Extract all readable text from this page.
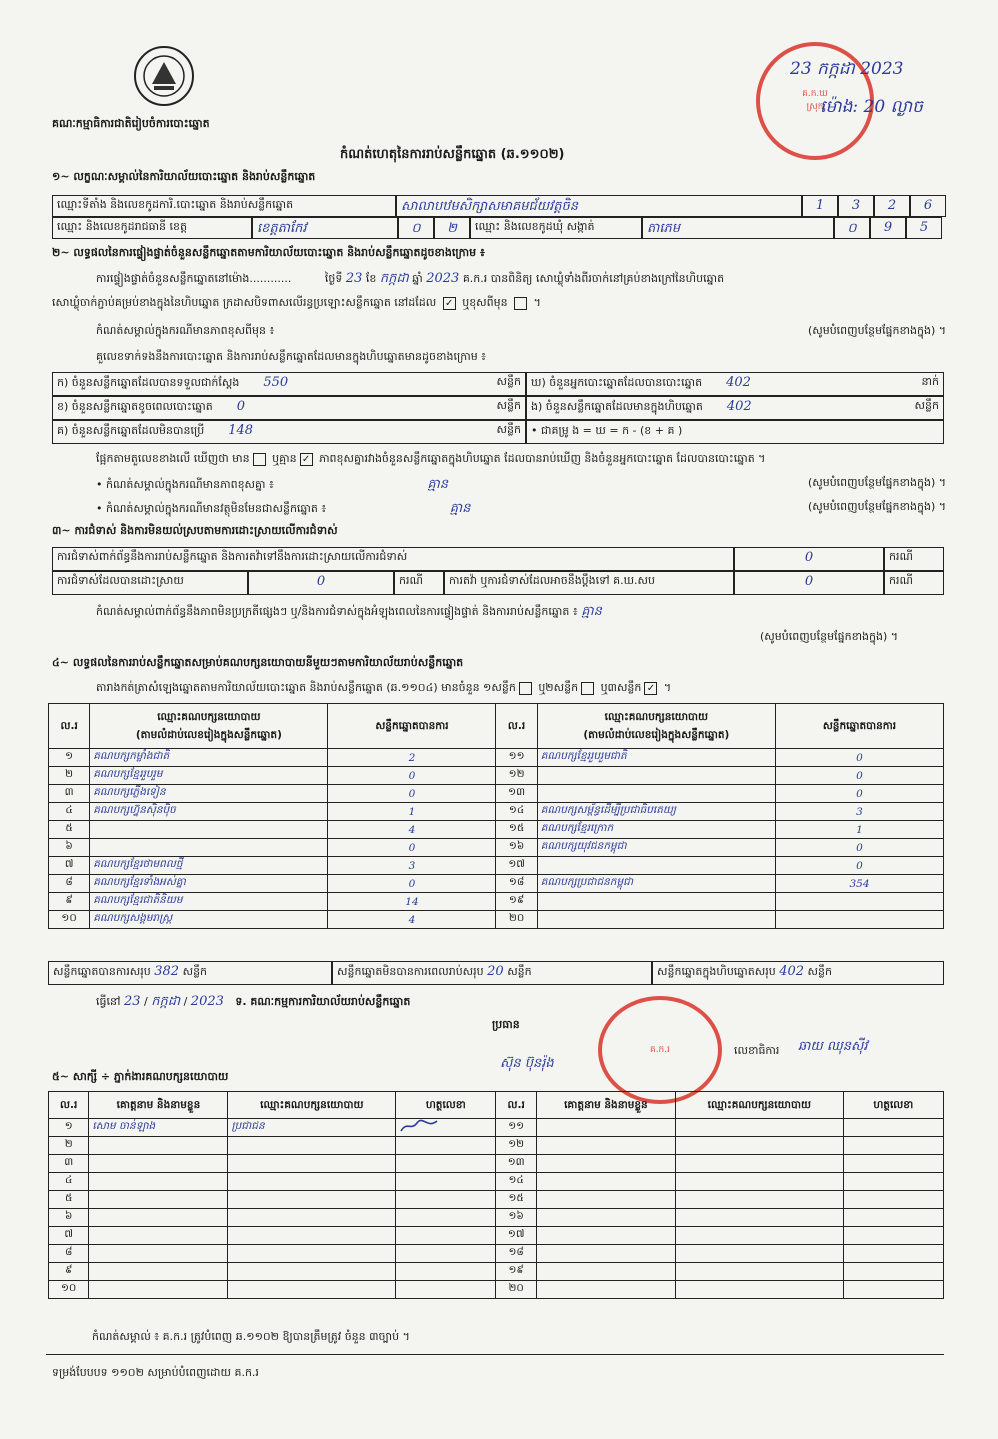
គណៈកម្មាធិការជាតិរៀបចំការបោះឆ្នោត
កំណត់ហេតុនៃការរាប់សន្លឹកឆ្នោត (ឆ.១១០២)
គ.ក.ឃ
ស្រុក
23 កក្កដា 2023
ម៉ោង: 20 ល្ងាច
១~ លក្ខណៈសម្គាល់នៃការិយាល័យបោះឆ្នោត និងរាប់សន្លឹកឆ្នោត
ឈ្មោះទីតាំង និងលេខកូដការិ.បោះឆ្នោត និងរាប់សន្លឹកឆ្នោត	សាលាបឋមសិក្សាសមាគមជ័យវត្តចិន	1	3	2	6
ឈ្មោះ និងលេខកូដរាជធានី ខេត្ត	ខេត្តតាកែវ	០	២	ឈ្មោះ និងលេខកូដឃុំ សង្កាត់	តាភេម	០	9	5
២~ លទ្ធផលនៃការផ្ទៀងផ្ទាត់ចំនួនសន្លឹកឆ្នោតតាមការិយាល័យបោះឆ្នោត និងរាប់សន្លឹកឆ្នោតដូចខាងក្រោម ៖
ការផ្ទៀងផ្ទាត់ចំនួនសន្លឹកឆ្នោតនៅម៉ោង............	ថ្ងៃទី 23 ខែ កក្កដា ឆ្នាំ 2023 គ.ក.រ បានពិនិត្យ សោឃ្លុំទាំងពីរចាក់នៅគ្រប់ខាងក្រៅនៃហិបឆ្នោត
សោឃ្លុំចាក់ភ្ជាប់គម្រប់ខាងក្នុងនៃហិបឆ្នោត ក្រដាសបិទពាសលើរន្ធប្រឡោះសន្លឹកឆ្នោត នៅដដែល ✓ ឬខុសពីមុន  ។
កំណត់សម្គាល់ក្នុងករណីមានភាពខុសពីមុន ៖	(សូមបំពេញបន្ថែមផ្នែកខាងក្នុង) ។
គួលេខទាក់ទងនឹងការបោះឆ្នោត និងការរាប់សន្លឹកឆ្នោតដែលមានក្នុងហិបឆ្នោតមានដូចខាងក្រោម ៖
ក) ចំនួនសន្លឹកឆ្នោតដែលបានទទួលជាក់ស្តែង 550	សន្លឹក
ខ) ចំនួនសន្លឹកឆ្នោតខូចពេលបោះឆ្នោត 0	សន្លឹក
គ) ចំនួនសន្លឹកឆ្នោតដែលមិនបានប្រើ 148	សន្លឹក
ឃ) ចំនួនអ្នកបោះឆ្នោតដែលបានបោះឆ្នោត 402	នាក់
ង) ចំនួនសន្លឹកឆ្នោតដែលមានក្នុងហិបឆ្នោត 402	សន្លឹក
• ជាគម្រូ ង = ឃ = ក - (ខ + គ )
ផ្អែកតាមតួលេខខាងលើ ឃើញថា មាន ឬគ្មាន ✓ ភាពខុសគ្នារវាងចំនួនសន្លឹកឆ្នោតក្នុងហិបឆ្នោត ដែលបានរាប់ឃើញ និងចំនួនអ្នកបោះឆ្នោត ដែលបានបោះឆ្នោត ។
• កំណត់សម្គាល់ក្នុងករណីមានភាពខុសគ្នា ៖	គ្មាន	(សូមបំពេញបន្ថែមផ្នែកខាងក្នុង) ។
• កំណត់សម្គាល់ក្នុងករណីមានវត្ថុមិនមែនជាសន្លឹកឆ្នោត ៖	គ្មាន	(សូមបំពេញបន្ថែមផ្នែកខាងក្នុង) ។
៣~ ការជំទាស់ និងការមិនយល់ស្របតាមការដោះស្រាយលើការជំទាស់
ការជំទាស់ពាក់ព័ន្ធនឹងការរាប់សន្លឹកឆ្នោត និងការតវ៉ាទៅនឹងការដោះស្រាយលើការជំទាស់	0	ករណី
ការជំទាស់ដែលបានដោះស្រាយ	0	ករណី	ការតវ៉ា ឬការជំទាស់ដែលអាចនឹងប្តឹងទៅ គ.ឃ.សប	0	ករណី
កំណត់សម្គាល់ពាក់ព័ន្ធនឹងភាពមិនប្រក្រតីផ្សេងៗ ឬ/និងការជំទាស់ក្នុងអំឡុងពេលនៃការផ្ទៀងផ្ទាត់ និងការរាប់សន្លឹកឆ្នោត ៖ គ្មាន
(សូមបំពេញបន្ថែមផ្នែកខាងក្នុង) ។
៤~ លទ្ធផលនៃការរាប់សន្លឹកឆ្នោតសម្រាប់គណបក្សនយោបាយនីមួយៗតាមការិយាល័យរាប់សន្លឹកឆ្នោត
តារាងកត់ត្រាសំឡេងឆ្នោតតាមការិយាល័យបោះឆ្នោត និងរាប់សន្លឹកឆ្នោត (ឆ.១១០៤) មានចំនួន ១សន្លឹក ឬ២សន្លឹក ឬ៣សន្លឹក ✓ ។
ល.រ	ឈ្មោះគណបក្សនយោបាយ
(តាមលំដាប់លេខរៀងក្នុងសន្លឹកឆ្នោត)	សន្លឹកឆ្នោតបានការ	ល.រ	ឈ្មោះគណបក្សនយោបាយ
(តាមលំដាប់លេខរៀងក្នុងសន្លឹកឆ្នោត)	សន្លឹកឆ្នោតបានការ
១	គណបក្សកម្លាំងជាតិ	2	១១	គណបក្សខ្មែររួបរួមជាតិ	0
២	គណបក្សខ្មែររួបរួម	0	១២		0
៣	គណបក្សភ្លើងទៀន	0	១៣		0
៤	គណបក្សហ្វ៊ុនស៊ិនប៉ិច	1	១៤	គណបក្សសម្ព័ន្ធដើម្បីប្រជាធិបតេយ្យ	3
៥		4	១៥	គណបក្សខ្មែរក្រោក	1
៦		0	១៦	គណបក្សយុវជនកម្ពុជា	0
៧	គណបក្សខ្មែរថាមពលថ្មី	3	១៧		0
៨	គណបក្សខ្មែរទាំងអស់គ្នា	0	១៨	គណបក្សប្រជាជនកម្ពុជា	354
៩	គណបក្សខ្មែរជាតិនិយម	14	១៩		
១០	គណបក្សសង្គមរាស្ត្រ	4	២០		
សន្លឹកឆ្នោតបានការសរុប 382 សន្លឹក	សន្លឹកឆ្នោតមិនបានការពេលរាប់សរុប 20 សន្លឹក	សន្លឹកឆ្នោតក្នុងហិបឆ្នោតសរុប 402 សន្លឹក
ធ្វើនៅ 23 / កក្កដា / 2023 ទ. គណៈកម្មការការិយាល័យរាប់សន្លឹកឆ្នោត
ប្រធាន
ស៊ុន ប៊ុនរ៉ុង
គ.ក.រ	លេខាធិការ ឆាយ ឈុនស៊ីវ
៥~ សាក្សី ÷ ភ្នាក់ងារគណបក្សនយោបាយ
ល.រ	គោត្តនាម និងនាមខ្លួន	ឈ្មោះគណបក្សនយោបាយ	ហត្ថលេខា	ល.រ	គោត្តនាម និងនាមខ្លួន	ឈ្មោះគណបក្សនយោបាយ	ហត្ថលេខា
១	សោម ចាន់ឡាង	ប្រជាជន		១១			
២				១២			
៣				១៣			
៤				១៤			
៥				១៥			
៦				១៦			
៧				១៧			
៨				១៨			
៩				១៩			
១០				២០			
កំណត់សម្គាល់ ៖ គ.ក.រ ត្រូវបំពេញ ឆ.១១០២ ឱ្យបានត្រឹមត្រូវ ចំនួន ៣ច្បាប់ ។
ទម្រង់បែបបទ ១១០២ សម្រាប់បំពេញដោយ គ.ក.រ
